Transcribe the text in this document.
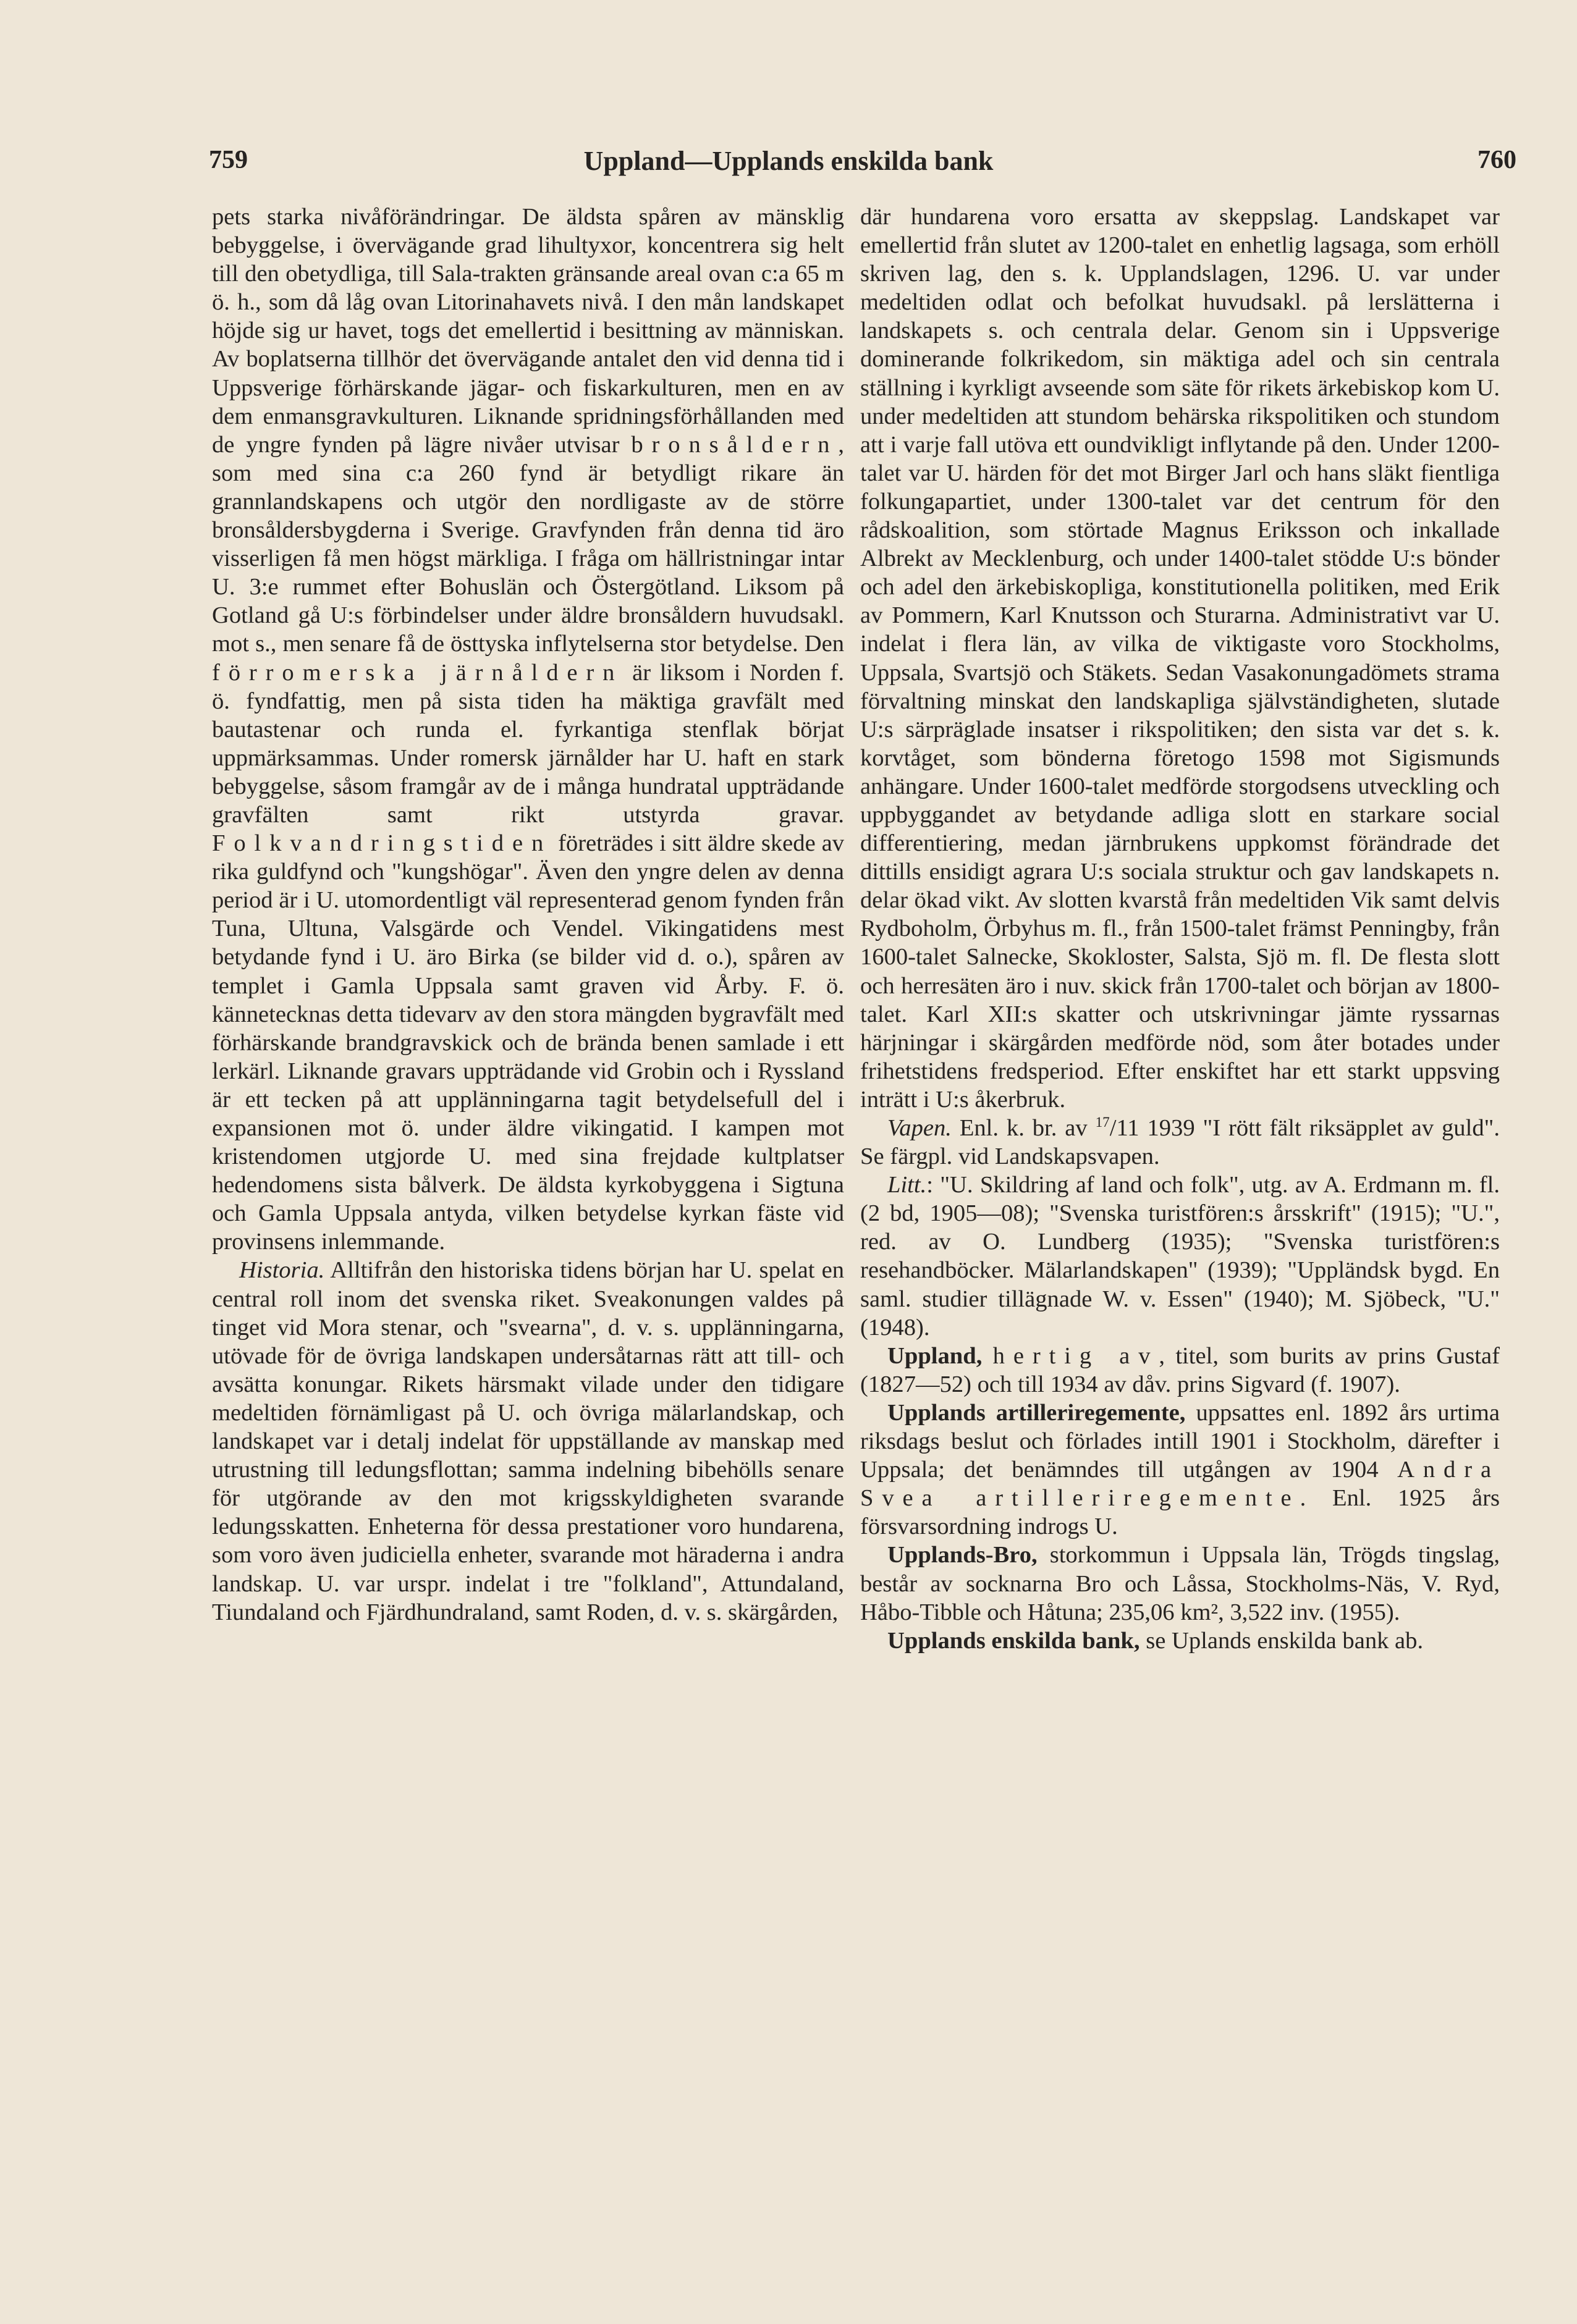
759	Uppland—Upplands enskilda bank	760

pets starka nivåförändringar. De äldsta spåren av mänsklig bebyggelse, i övervägande grad lihultyxor, koncentrera sig helt till den obetydliga, till Sala-trakten gränsande areal ovan c:a 65 m ö. h., som då låg ovan Litorinahavets nivå. I den mån landskapet höjde sig ur havet, togs det emellertid i besittning av människan. Av boplatserna tillhör det övervägande antalet den vid denna tid i Uppsverige förhärskande jägar- och fiskarkulturen, men en av dem enmansgravkulturen. Liknande spridningsförhållanden med de yngre fynden på lägre nivåer utvisar bronsåldern, som med sina c:a 260 fynd är betydligt rikare än grannlandskapens och utgör den nordligaste av de större bronsåldersbygderna i Sverige. Gravfynden från denna tid äro visserligen få men högst märkliga. I fråga om hällristningar intar U. 3:e rummet efter Bohuslän och Östergötland. Liksom på Gotland gå U:s förbindelser under äldre bronsåldern huvudsakl. mot s., men senare få de östtyska inflytelserna stor betydelse. Den förromerska järnåldern är liksom i Norden f. ö. fyndfattig, men på sista tiden ha mäktiga gravfält med bautastenar och runda el. fyrkantiga stenflak börjat uppmärksammas. Under romersk järnålder har U. haft en stark bebyggelse, såsom framgår av de i många hundratal uppträdande gravfälten samt rikt utstyrda gravar. Folkvandringstiden företrädes i sitt äldre skede av rika guldfynd och "kungshögar". Även den yngre delen av denna period är i U. utomordentligt väl representerad genom fynden från Tuna, Ultuna, Valsgärde och Vendel. Vikingatidens mest betydande fynd i U. äro Birka (se bilder vid d. o.), spåren av templet i Gamla Uppsala samt graven vid Årby. F. ö. kännetecknas detta tidevarv av den stora mängden bygravfält med förhärskande brandgravskick och de brända benen samlade i ett lerkärl. Liknande gravars uppträdande vid Grobin och i Ryssland är ett tecken på att upplänningarna tagit betydelsefull del i expansionen mot ö. under äldre vikingatid. I kampen mot kristendomen utgjorde U. med sina frejdade kultplatser hedendomens sista bålverk. De äldsta kyrkobyggena i Sigtuna och Gamla Uppsala antyda, vilken betydelse kyrkan fäste vid provinsens inlemmande.

Historia. Alltifrån den historiska tidens början har U. spelat en central roll inom det svenska riket. Sveakonungen valdes på tinget vid Mora stenar, och "svearna", d. v. s. upplänningarna, utövade för de övriga landskapen undersåtarnas rätt att till- och avsätta konungar. Rikets härsmakt vilade under den tidigare medeltiden förnämligast på U. och övriga mälarlandskap, och landskapet var i detalj indelat för uppställande av manskap med utrustning till ledungsflottan; samma indelning bibehölls senare för utgörande av den mot krigsskyldigheten svarande ledungsskatten. Enheterna för dessa prestationer voro hundarena, som voro även judiciella enheter, svarande mot häraderna i andra landskap. U. var urspr. indelat i tre "folkland", Attundaland, Tiundaland och Fjärdhundraland, samt Roden, d. v. s. skärgården,

där hundarena voro ersatta av skeppslag. Landskapet var emellertid från slutet av 1200-talet en enhetlig lagsaga, som erhöll skriven lag, den s. k. Upplandslagen, 1296. U. var under medeltiden odlat och befolkat huvudsakl. på lerslätterna i landskapets s. och centrala delar. Genom sin i Uppsverige dominerande folkrikedom, sin mäktiga adel och sin centrala ställning i kyrkligt avseende som säte för rikets ärkebiskop kom U. under medeltiden att stundom behärska rikspolitiken och stundom att i varje fall utöva ett oundvikligt inflytande på den. Under 1200-talet var U. härden för det mot Birger Jarl och hans släkt fientliga folkungapartiet, under 1300-talet var det centrum för den rådskoalition, som störtade Magnus Eriksson och inkallade Albrekt av Mecklenburg, och under 1400-talet stödde U:s bönder och adel den ärkebiskopliga, konstitutionella politiken, med Erik av Pommern, Karl Knutsson och Sturarna. Administrativt var U. indelat i flera län, av vilka de viktigaste voro Stockholms, Uppsala, Svartsjö och Stäkets. Sedan Vasakonungadömets strama förvaltning minskat den landskapliga självständigheten, slutade U:s särpräglade insatser i rikspolitiken; den sista var det s. k. korvtåget, som bönderna företogo 1598 mot Sigismunds anhängare. Under 1600-talet medförde storgodsens utveckling och uppbyggandet av betydande adliga slott en starkare social differentiering, medan järnbrukens uppkomst förändrade det dittills ensidigt agrara U:s sociala struktur och gav landskapets n. delar ökad vikt. Av slotten kvarstå från medeltiden Vik samt delvis Rydboholm, Örbyhus m. fl., från 1500-talet främst Penningby, från 1600-talet Salnecke, Skokloster, Salsta, Sjö m. fl. De flesta slott och herresäten äro i nuv. skick från 1700-talet och början av 1800-talet. Karl XII:s skatter och utskrivningar jämte ryssarnas härjningar i skärgården medförde nöd, som åter botades under frihetstidens fredsperiod. Efter enskiftet har ett starkt uppsving inträtt i U:s åkerbruk.

Vapen. Enl. k. br. av $^{17}$/11 1939 "I rött fält riksäpplet av guld". Se färgpl. vid Landskapsvapen.

Litt.: "U. Skildring af land och folk", utg. av A. Erdmann m. fl. (2 bd, 1905—08); "Svenska turistfören:s årsskrift" (1915); "U.", red. av O. Lundberg (1935); "Svenska turistfören:s resehandböcker. Mälarlandskapen" (1939); "Uppländsk bygd. En saml. studier tillägnade W. v. Essen" (1940); M. Sjöbeck, "U." (1948).

Uppland, hertig av, titel, som burits av prins Gustaf (1827—52) och till 1934 av dåv. prins Sigvard (f. 1907).

Upplands artilleriregemente, uppsattes enl. 1892 års urtima riksdags beslut och förlades intill 1901 i Stockholm, därefter i Uppsala; det benämndes till utgången av 1904 Andra Svea artilleriregemente. Enl. 1925 års försvarsordning indrogs U.

Upplands-Bro, storkommun i Uppsala län, Trögds tingslag, består av socknarna Bro och Låssa, Stockholms-Näs, V. Ryd, Håbo-Tibble och Håtuna; 235,06 km², 3,522 inv. (1955).

Upplands enskilda bank, se Uplands enskilda bank ab.
